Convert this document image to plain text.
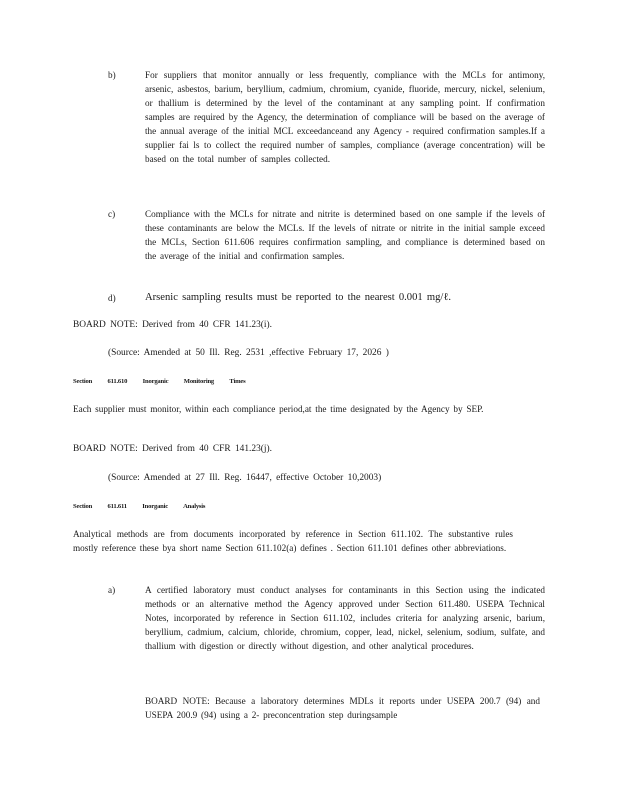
b)	For suppliers that monitor annually or less frequently, compliance with the MCLs for antimony, arsenic, asbestos, barium, beryllium, cadmium, chromium, cyanide, fluoride, mercury, nickel, selenium, or thallium is determined by the level of the contaminant at any sampling point. If confirmation samples are required by the Agency, the determination of compliance will be based on the average of the annual average of the initial MCL exceedanceand any Agency - required confirmation samples.If a supplier fai ls to collect the required number of samples, compliance (average concentration) will be based on the total number of samples collected.
c)	Compliance with the MCLs for nitrate and nitrite is determined based on one sample if the levels of these contaminants are below the MCLs. If the levels of nitrate or nitrite in the initial sample exceed the MCLs, Section 611.606 requires confirmation sampling, and compliance is determined based on the average of the initial and confirmation samples.
d)	Arsenic sampling results must be reported to the nearest 0.001 mg/ℓ.
BOARD NOTE: Derived from 40 CFR 141.23(i).
(Source: Amended at 50 Ill. Reg. 2531 ,effective February 17, 2026 )
Section 611.610 Inorganic Monitoring Times
Each supplier must monitor, within each compliance period,at the time designated by the Agency by SEP.
BOARD NOTE: Derived from 40 CFR 141.23(j).
(Source: Amended at 27 Ill. Reg. 16447, effective October 10,2003)
Section 611.611 Inorganic Analysis
Analytical methods are from documents incorporated by reference in Section 611.102. The substantive rules mostly reference these bya short name Section 611.102(a) defines . Section 611.101 defines other abbreviations.
a)	A certified laboratory must conduct analyses for contaminants in this Section using the indicated methods or an alternative method the Agency approved under Section 611.480. USEPA Technical Notes, incorporated by reference in Section 611.102, includes criteria for analyzing arsenic, barium, beryllium, cadmium, calcium, chloride, chromium, copper, lead, nickel, selenium, sodium, sulfate, and thallium with digestion or directly without digestion, and other analytical procedures.
BOARD NOTE: Because a laboratory determines MDLs it reports under USEPA 200.7 (94) and USEPA 200.9 (94) using a 2- preconcentration step duringsample
